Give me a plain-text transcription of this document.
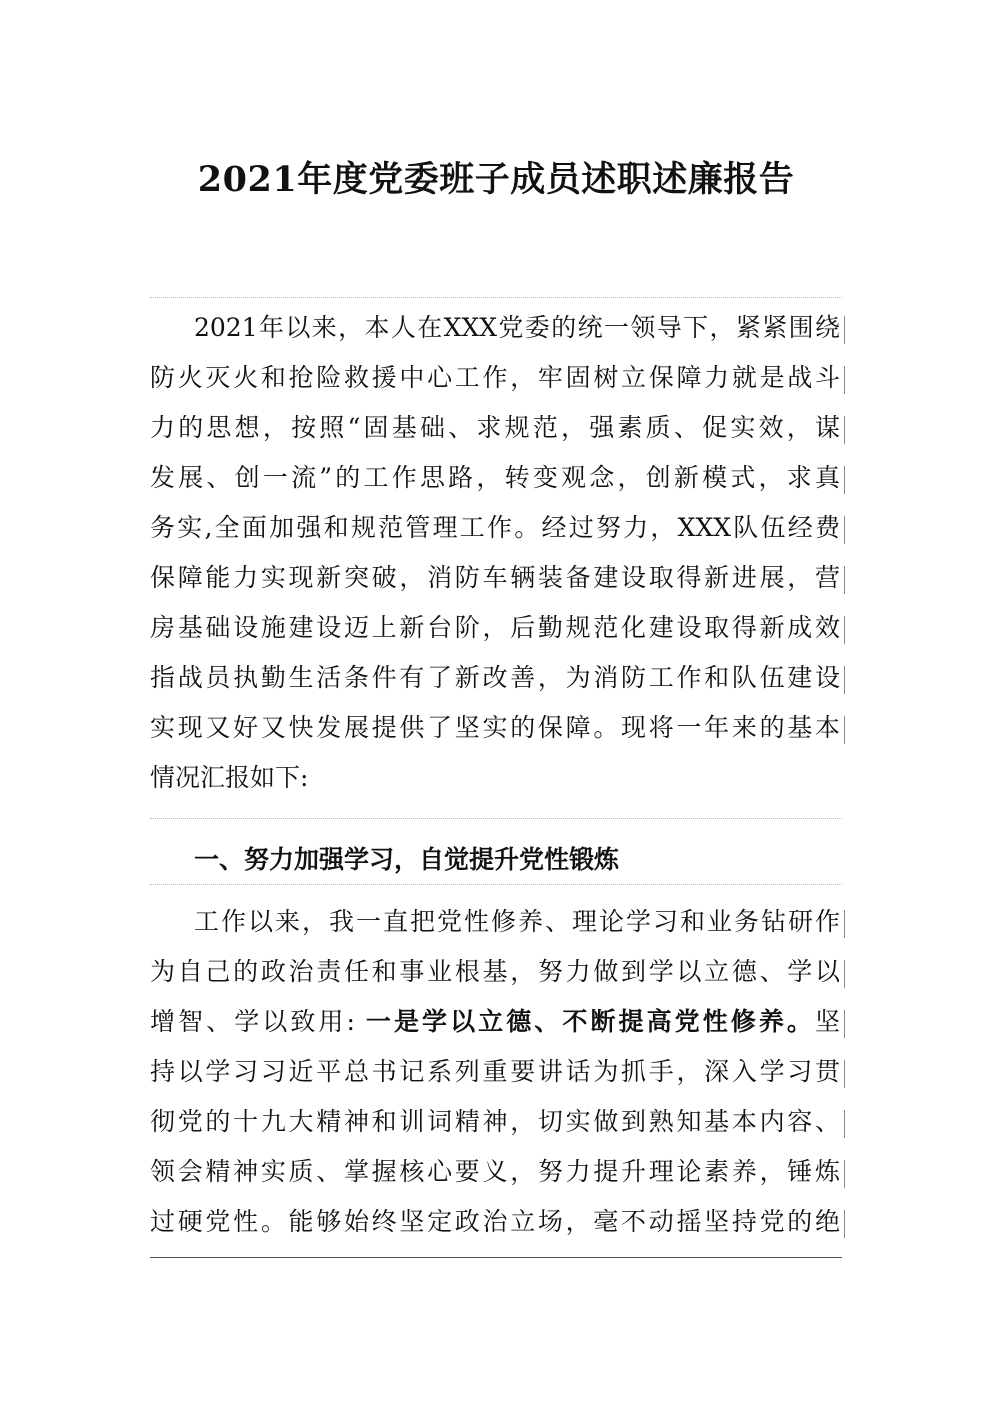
2021年度党委班子成员述职述廉报告
2021年以来，本人在XXX党委的统一领导下，紧紧围绕
防火灭火和抢险救援中心工作，牢固树立保障力就是战斗
力的思想，按照“固基础、求规范，强素质、促实效，谋
发展、创一流”的工作思路，转变观念，创新模式，求真
务实,全面加强和规范管理工作。经过努力，XXX队伍经费
保障能力实现新突破，消防车辆装备建设取得新进展，营
房基础设施建设迈上新台阶，后勤规范化建设取得新成效
指战员执勤生活条件有了新改善，为消防工作和队伍建设
实现又好又快发展提供了坚实的保障。现将一年来的基本
情况汇报如下:
一、努力加强学习，自觉提升党性锻炼
工作以来，我一直把党性修养、理论学习和业务钻研作
为自己的政治责任和事业根基，努力做到学以立德、学以
增智、学以致用: 一是学以立德、不断提高党性修养。坚
持以学习习近平总书记系列重要讲话为抓手，深入学习贯
彻党的十九大精神和训词精神，切实做到熟知基本内容、
领会精神实质、掌握核心要义，努力提升理论素养，锤炼
过硬党性。能够始终坚定政治立场，毫不动摇坚持党的绝
